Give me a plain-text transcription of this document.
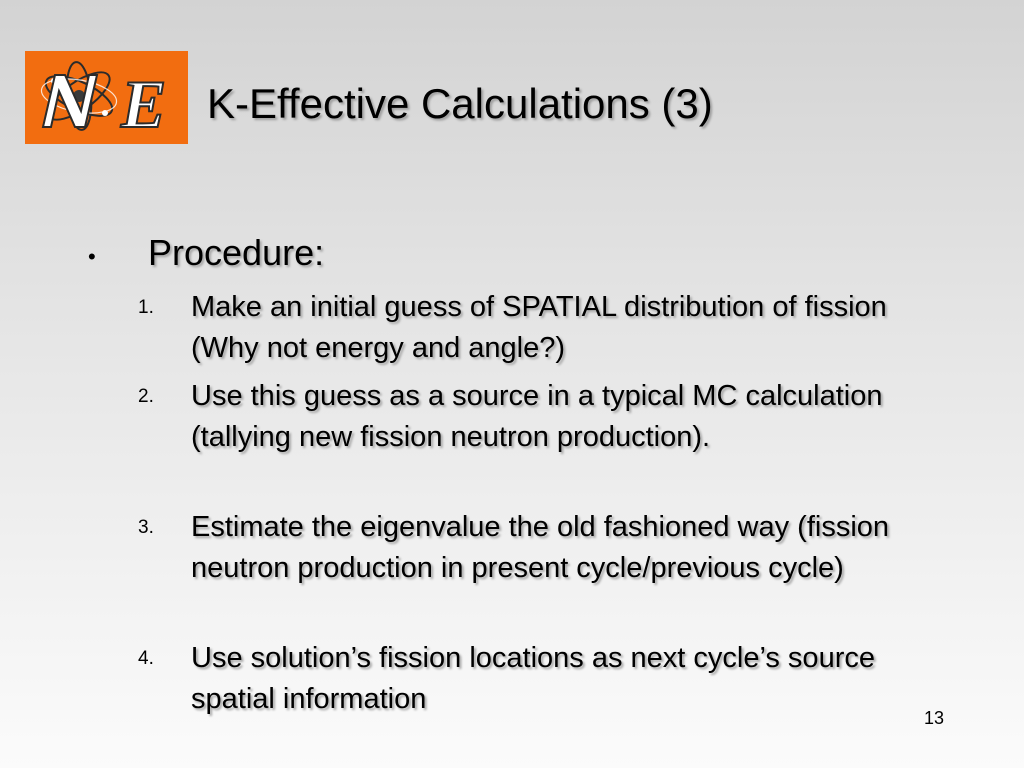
E K-Effective Calculations (3)
• Procedure:
1.	Make an initial guess of SPATIAL distribution of fission (Why not energy and angle?)
2.	Use this guess as a source in a typical MC calculation (tallying new fission neutron production).
3.	Estimate the eigenvalue the old fashioned way (fission neutron production in present cycle/previous cycle)
4.	Use solution’s fission locations as next cycle’s source spatial information
13
